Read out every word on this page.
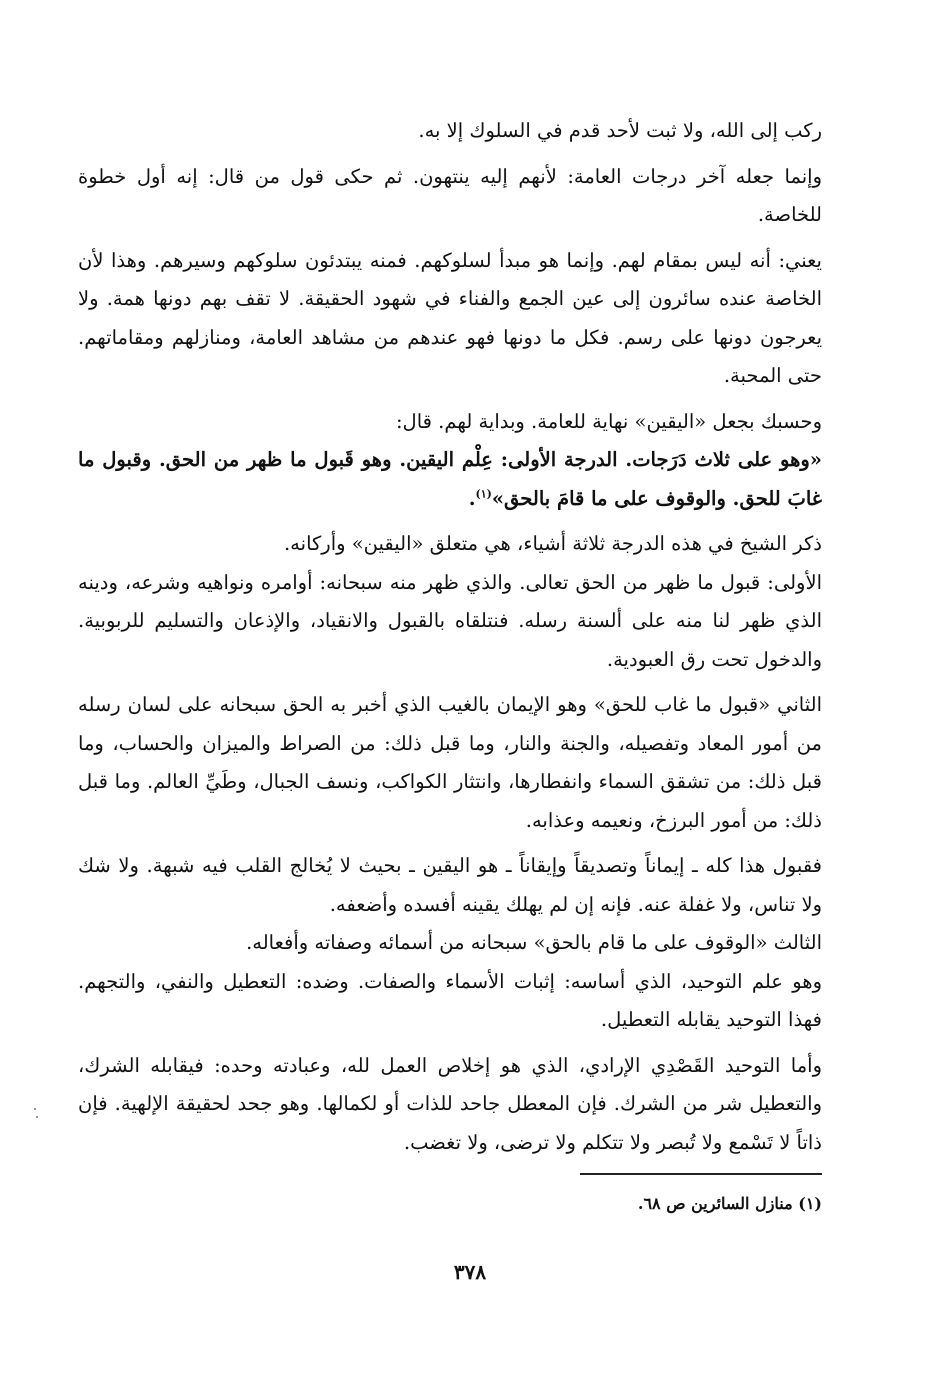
ركب إلى الله، ولا ثبت لأحد قدم في السلوك إلا به.

وإنما جعله آخر درجات العامة: لأنهم إليه ينتهون. ثم حكى قول من قال: إنه أول خطوة للخاصة.

يعني: أنه ليس بمقام لهم. وإنما هو مبدأ لسلوكهم. فمنه يبتدئون سلوكهم وسيرهم. وهذا لأن الخاصة عنده سائرون إلى عين الجمع والفناء في شهود الحقيقة. لا تقف بهم دونها همة. ولا يعرجون دونها على رسم. فكل ما دونها فهو عندهم من مشاهد العامة، ومنازلهم ومقاماتهم. حتى المحبة.

وحسبك بجعل «اليقين» نهاية للعامة. وبداية لهم. قال:

«وهو على ثلاث دَرَجات. الدرجة الأولى: عِلْم اليقين. وهو قَبول ما ظهر من الحق. وقبول ما غابَ للحق. والوقوف على ما قامَ بالحق»$^{(١)}$.

ذكر الشيخ في هذه الدرجة ثلاثة أشياء، هي متعلق «اليقين» وأركانه.

الأولى: قبول ما ظهر من الحق تعالى. والذي ظهر منه سبحانه: أوامره ونواهيه وشرعه، ودينه الذي ظهر لنا منه على ألسنة رسله. فنتلقاه بالقبول والانقياد، والإذعان والتسليم للربوبية. والدخول تحت رق العبودية.

الثاني «قبول ما غاب للحق» وهو الإيمان بالغيب الذي أخبر به الحق سبحانه على لسان رسله من أمور المعاد وتفصيله، والجنة والنار، وما قبل ذلك: من الصراط والميزان والحساب، وما قبل ذلك: من تشقق السماء وانفطارها، وانتثار الكواكب، ونسف الجبال، وطَيِّ العالم. وما قبل ذلك: من أمور البرزخ، ونعيمه وعذابه.

فقبول هذا كله ـ إيماناً وتصديقاً وإيقاناً ـ هو اليقين ـ بحيث لا يُخالج القلب فيه شبهة. ولا شك ولا تناس، ولا غفلة عنه. فإنه إن لم يهلك يقينه أفسده وأضعفه.

الثالث «الوقوف على ما قام بالحق» سبحانه من أسمائه وصفاته وأفعاله.

وهو علم التوحيد، الذي أساسه: إثبات الأسماء والصفات. وضده: التعطيل والنفي، والتجهم. فهذا التوحيد يقابله التعطيل.

وأما التوحيد القَصْدِي الإرادي، الذي هو إخلاص العمل لله، وعبادته وحده: فيقابله الشرك، والتعطيل شر من الشرك. فإن المعطل جاحد للذات أو لكمالها. وهو جحد لحقيقة الإلهية. فإن ذاتاً لا تَسْمع ولا تُبصر ولا تتكلم ولا ترضى، ولا تغضب.

(١) منازل السائرين ص ٦٨.
٣٧٨
